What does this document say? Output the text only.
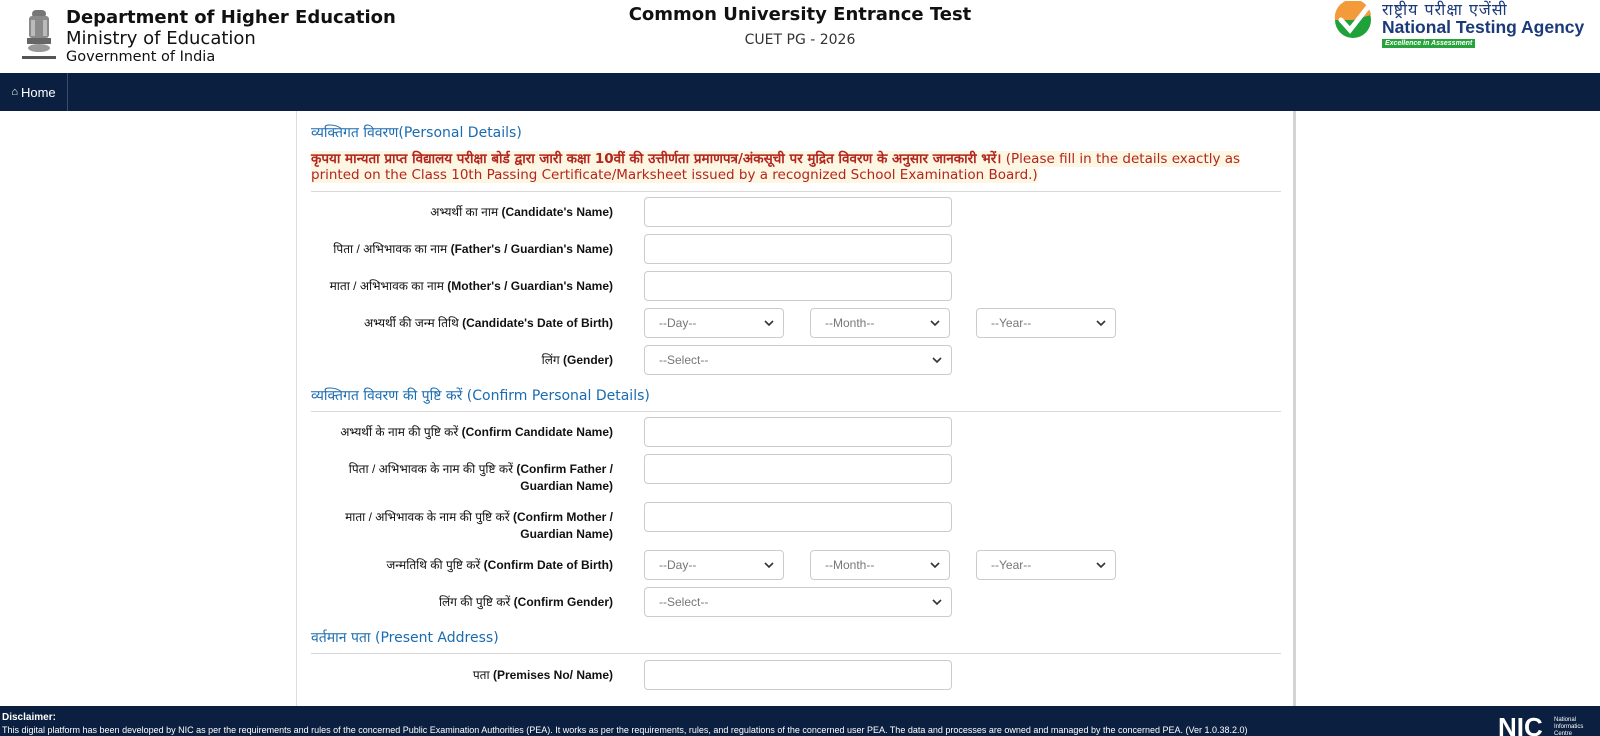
Department of Higher Education
Ministry of Education
Government of India
Common University Entrance Test
CUET PG - 2026
राष्ट्रीय परीक्षा एजेंसी
National Testing Agency
Excellence in Assessment
⌂ Home
व्यक्तिगत विवरण(Personal Details)
कृपया मान्यता प्राप्त विद्यालय परीक्षा बोर्ड द्वारा जारी कक्षा 10वीं की उत्तीर्णता प्रमाणपत्र/अंकसूची पर मुद्रित विवरण के अनुसार जानकारी भरें। (Please fill in the details exactly as printed on the Class 10th Passing Certificate/Marksheet issued by a recognized School Examination Board.)
अभ्यर्थी का नाम (Candidate's Name)
पिता / अभिभावक का नाम (Father's / Guardian's Name)
माता / अभिभावक का नाम (Mother's / Guardian's Name)
अभ्यर्थी की जन्म तिथि (Candidate's Date of Birth)	--Day--	--Month--	--Year--
लिंग (Gender)	--Select--
व्यक्तिगत विवरण की पुष्टि करें (Confirm Personal Details)
अभ्यर्थी के नाम की पुष्टि करें (Confirm Candidate Name)
पिता / अभिभावक के नाम की पुष्टि करें (Confirm Father / Guardian Name)
माता / अभिभावक के नाम की पुष्टि करें (Confirm Mother / Guardian Name)
जन्मतिथि की पुष्टि करें (Confirm Date of Birth)	--Day--	--Month--	--Year--
लिंग की पुष्टि करें (Confirm Gender)	--Select--
वर्तमान पता (Present Address)
पता (Premises No/ Name)
Disclaimer:
This digital platform has been developed by NIC as per the requirements and rules of the concerned Public Examination Authorities (PEA). It works as per the requirements, rules, and regulations of the concerned user PEA. The data and processes are owned and managed by the concerned PEA. (Ver 1.0.38.2.0)	NIC National
Informatics
Centre
